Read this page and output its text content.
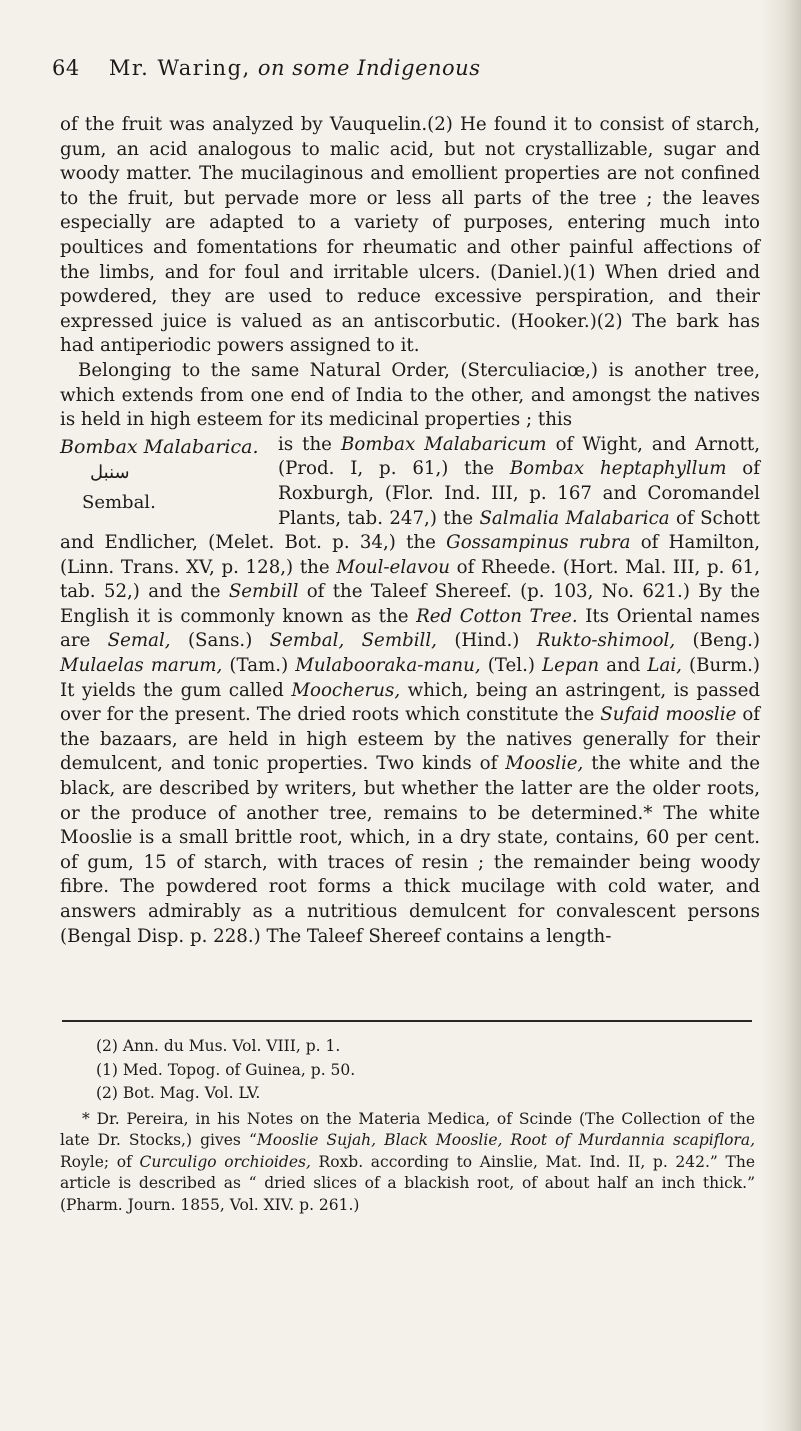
64 Mr. Waring, on some Indigenous

of the fruit was analyzed by Vauquelin.(2) He found it to consist of starch, gum, an acid analogous to malic acid, but not crystallizable, sugar and woody matter. The mucilaginous and emollient properties are not confined to the fruit, but pervade more or less all parts of the tree ; the leaves especially are adapted to a variety of purposes, entering much into poultices and fomentations for rheumatic and other painful affections of the limbs, and for foul and irritable ulcers. (Daniel.)(1) When dried and powdered, they are used to reduce excessive perspiration, and their expressed juice is valued as an antiscorbutic. (Hooker.)(2) The bark has had antiperiodic powers assigned to it.

Belonging to the same Natural Order, (Sterculiaciœ,) is another tree, which extends from one end of India to the other, and amongst the natives is held in high esteem for its medicinal properties ; this

Bombax Malabarica.
سنبل
Sembal.

is the Bombax Malabaricum of Wight, and Arnott, (Prod. I, p. 61,) the Bombax heptaphyllum of Roxburgh, (Flor. Ind. III, p. 167 and Coromandel Plants, tab. 247,) the Salmalia Malabarica of Schott and Endlicher, (Melet. Bot. p. 34,) the Gossampinus rubra of Hamilton, (Linn. Trans. XV, p. 128,) the Moul-elavou of Rheede. (Hort. Mal. III, p. 61, tab. 52,) and the Sembill of the Taleef Shereef. (p. 103, No. 621.) By the English it is commonly known as the Red Cotton Tree. Its Oriental names are Semal, (Sans.) Sembal, Sembill, (Hind.) Rukto-shimool, (Beng.) Mulaelas marum, (Tam.) Mulabooraka-manu, (Tel.) Lepan and Lai, (Burm.) It yields the gum called Moocherus, which, being an astringent, is passed over for the present. The dried roots which constitute the Sufaid mooslie of the bazaars, are held in high esteem by the natives generally for their demulcent, and tonic properties. Two kinds of Mooslie, the white and the black, are described by writers, but whether the latter are the older roots, or the produce of another tree, remains to be determined.* The white Mooslie is a small brittle root, which, in a dry state, contains, 60 per cent. of gum, 15 of starch, with traces of resin ; the remainder being woody fibre. The powdered root forms a thick mucilage with cold water, and answers admirably as a nutritious demulcent for convalescent persons (Bengal Disp. p. 228.) The Taleef Shereef contains a length-

(2) Ann. du Mus. Vol. VIII, p. 1.

(1) Med. Topog. of Guinea, p. 50.

(2) Bot. Mag. Vol. LV.

* Dr. Pereira, in his Notes on the Materia Medica, of Scinde (The Collection of the late Dr. Stocks,) gives “Mooslie Sujah, Black Mooslie, Root of Murdannia scapiflora, Royle; of Curculigo orchioides, Roxb. according to Ainslie, Mat. Ind. II, p. 242.” The article is described as “ dried slices of a blackish root, of about half an inch thick.” (Pharm. Journ. 1855, Vol. XIV. p. 261.)
